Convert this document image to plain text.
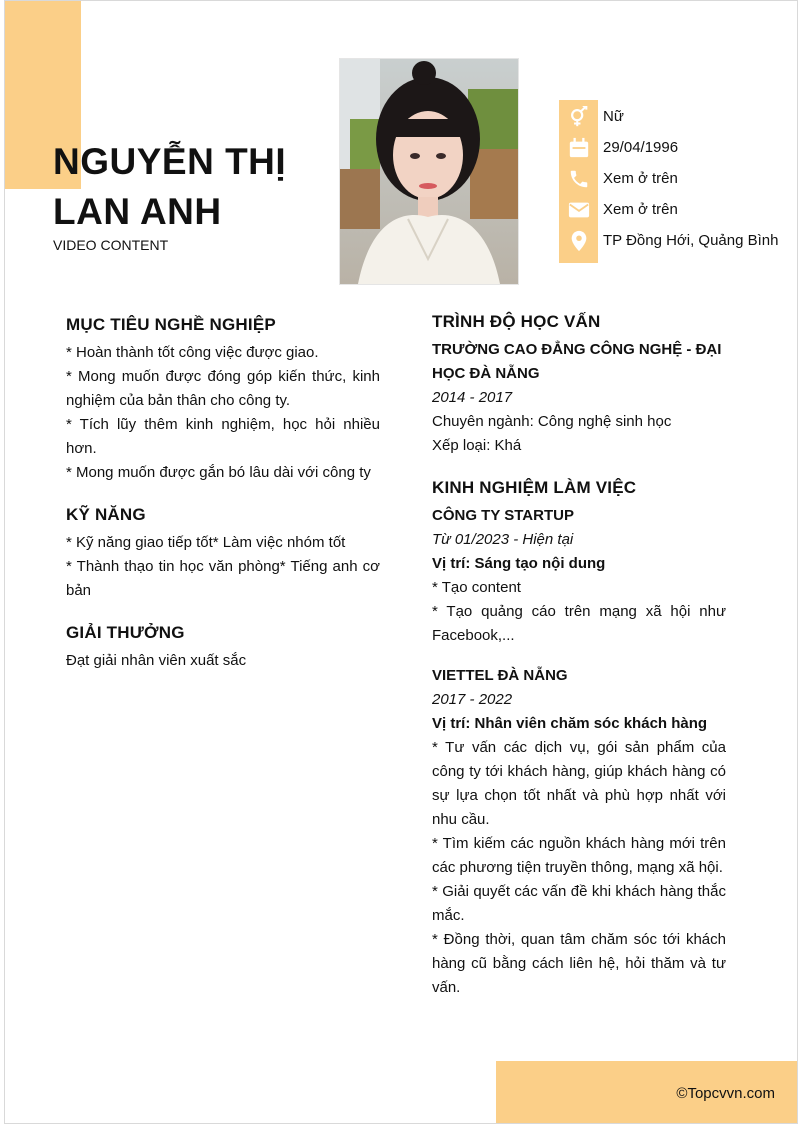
NGUYỄN THỊ
LAN ANH
VIDEO CONTENT
Nữ
29/04/1996
Xem ở trên
Xem ở trên
TP Đồng Hới, Quảng Bình
MỤC TIÊU NGHỀ NGHIỆP

* Hoàn thành tốt công việc được giao.

* Mong muốn được đóng góp kiến thức, kinh nghiệm của bản thân cho công ty.

* Tích lũy thêm kinh nghiệm, học hỏi nhiều hơn.

* Mong muốn được gắn bó lâu dài với công ty

KỸ NĂNG

* Kỹ năng giao tiếp tốt* Làm việc nhóm tốt

* Thành thạo tin học văn phòng* Tiếng anh cơ bản

GIẢI THƯỞNG

Đạt giải nhân viên xuất sắc

TRÌNH ĐỘ HỌC VẤN

TRƯỜNG CAO ĐẲNG CÔNG NGHỆ - ĐẠI HỌC ĐÀ NẴNG

2014 - 2017

Chuyên ngành: Công nghệ sinh học

Xếp loại: Khá

KINH NGHIỆM LÀM VIỆC

CÔNG TY STARTUP

Từ 01/2023 - Hiện tại

Vị trí: Sáng tạo nội dung

* Tạo content

* Tạo quảng cáo trên mạng xã hội như Facebook,...

VIETTEL ĐÀ NẴNG

2017 - 2022

Vị trí: Nhân viên chăm sóc khách hàng

* Tư vấn các dịch vụ, gói sản phẩm của công ty tới khách hàng, giúp khách hàng có sự lựa chọn tốt nhất và phù hợp nhất với nhu cầu.

* Tìm kiếm các nguồn khách hàng mới trên các phương tiện truyền thông, mạng xã hội.

* Giải quyết các vấn đề khi khách hàng thắc mắc.

* Đồng thời, quan tâm chăm sóc tới khách hàng cũ bằng cách liên hệ, hỏi thăm và tư vấn.

©Topcvvn.com
